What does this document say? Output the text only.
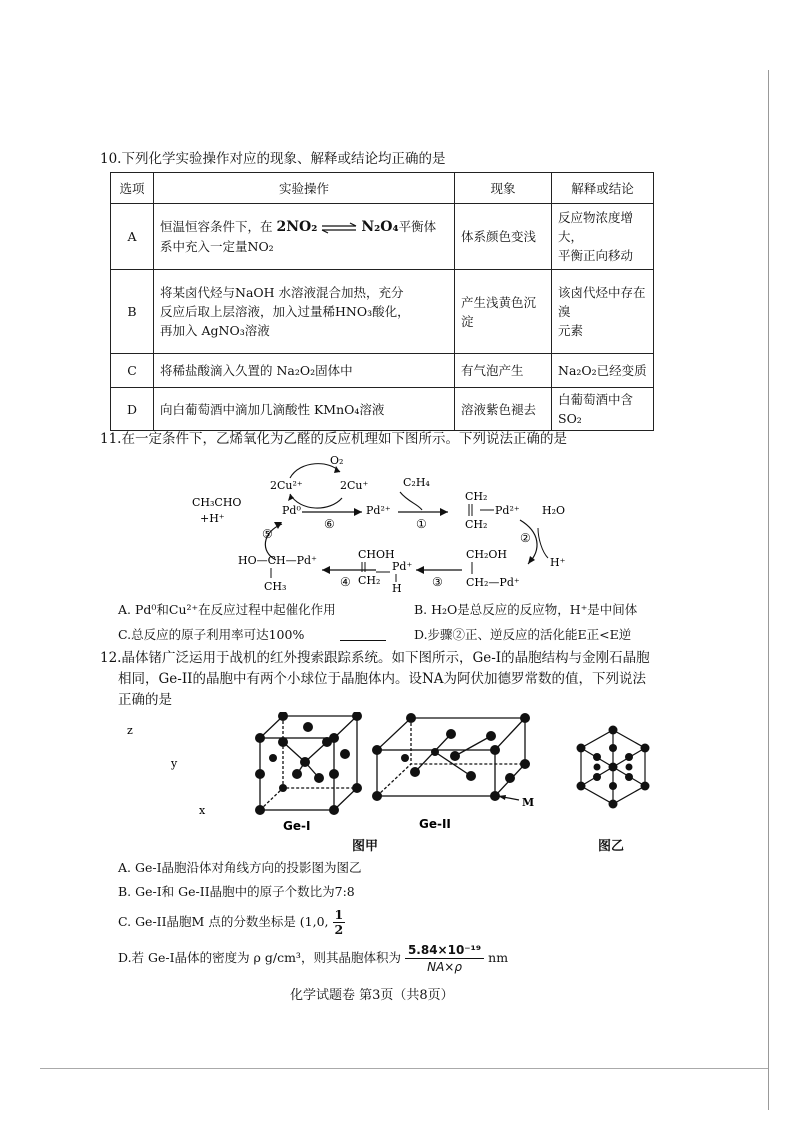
10.下列化学实验操作对应的现象、解释或结论均正确的是
选项	实验操作	现象	解释或结论
A	恒温恒容条件下，在 2NO₂ ⇌ N₂O₄平衡体
系中充入一定量NO₂	体系颜色变浅	反应物浓度增大，
平衡正向移动
B	将某卤代烃与NaOH 水溶液混合加热，充分
反应后取上层溶液，加入过量稀HNO₃酸化，
再加入 AgNO₃溶液	产生浅黄色沉
淀	该卤代烃中存在溴
元素
C	将稀盐酸滴入久置的 Na₂O₂固体中	有气泡产生	Na₂O₂已经变质
D	向白葡萄酒中滴加几滴酸性 KMnO₄溶液	溶液紫色褪去	白葡萄酒中含 SO₂
11.在一定条件下，乙烯氧化为乙醛的反应机理如下图所示。下列说法正确的是
O₂
2Cu²⁺	2Cu⁺	C₂H₄
CH₃CHO
+H⁺
Pd⁰
⑥
Pd²⁺
①
CH₂
CH₂
Pd²⁺ H₂O
②
H⁺
⑤
HO—CH—Pd⁺
CH₃	④
CHOH
CH₂
Pd⁺
H	③
CH₂OH
CH₂—Pd⁺
A. Pd⁰和Cu²⁺在反应过程中起催化作用	B. H₂O是总反应的反应物，H⁺是中间体
C.总反应的原子利用率可达100%	D.步骤②正、逆反应的活化能E正<E逆
12.晶体锗广泛运用于战机的红外搜索跟踪系统。如下图所示，Ge-I的晶胞结构与金刚石晶胞
相同，Ge-II的晶胞中有两个小球位于晶胞体内。设NA为阿伏加德罗常数的值，下列说法
正确的是
z
y
x
Ge-I
M
Ge-II
图甲	图乙
A. Ge-I晶胞沿体对角线方向的投影图为图乙
B. Ge-I和 Ge-II晶胞中的原子个数比为7:8
C. Ge-II晶胞M 点的分数坐标是 (1,0, $\frac{1}{2}$
D.若 Ge-I晶体的密度为 ρ g/cm³，则其晶胞体积为 $\frac{\text{5.84×10⁻¹⁹}}{NA\times\rho}$ nm
化学试题卷 第3页（共8页）
